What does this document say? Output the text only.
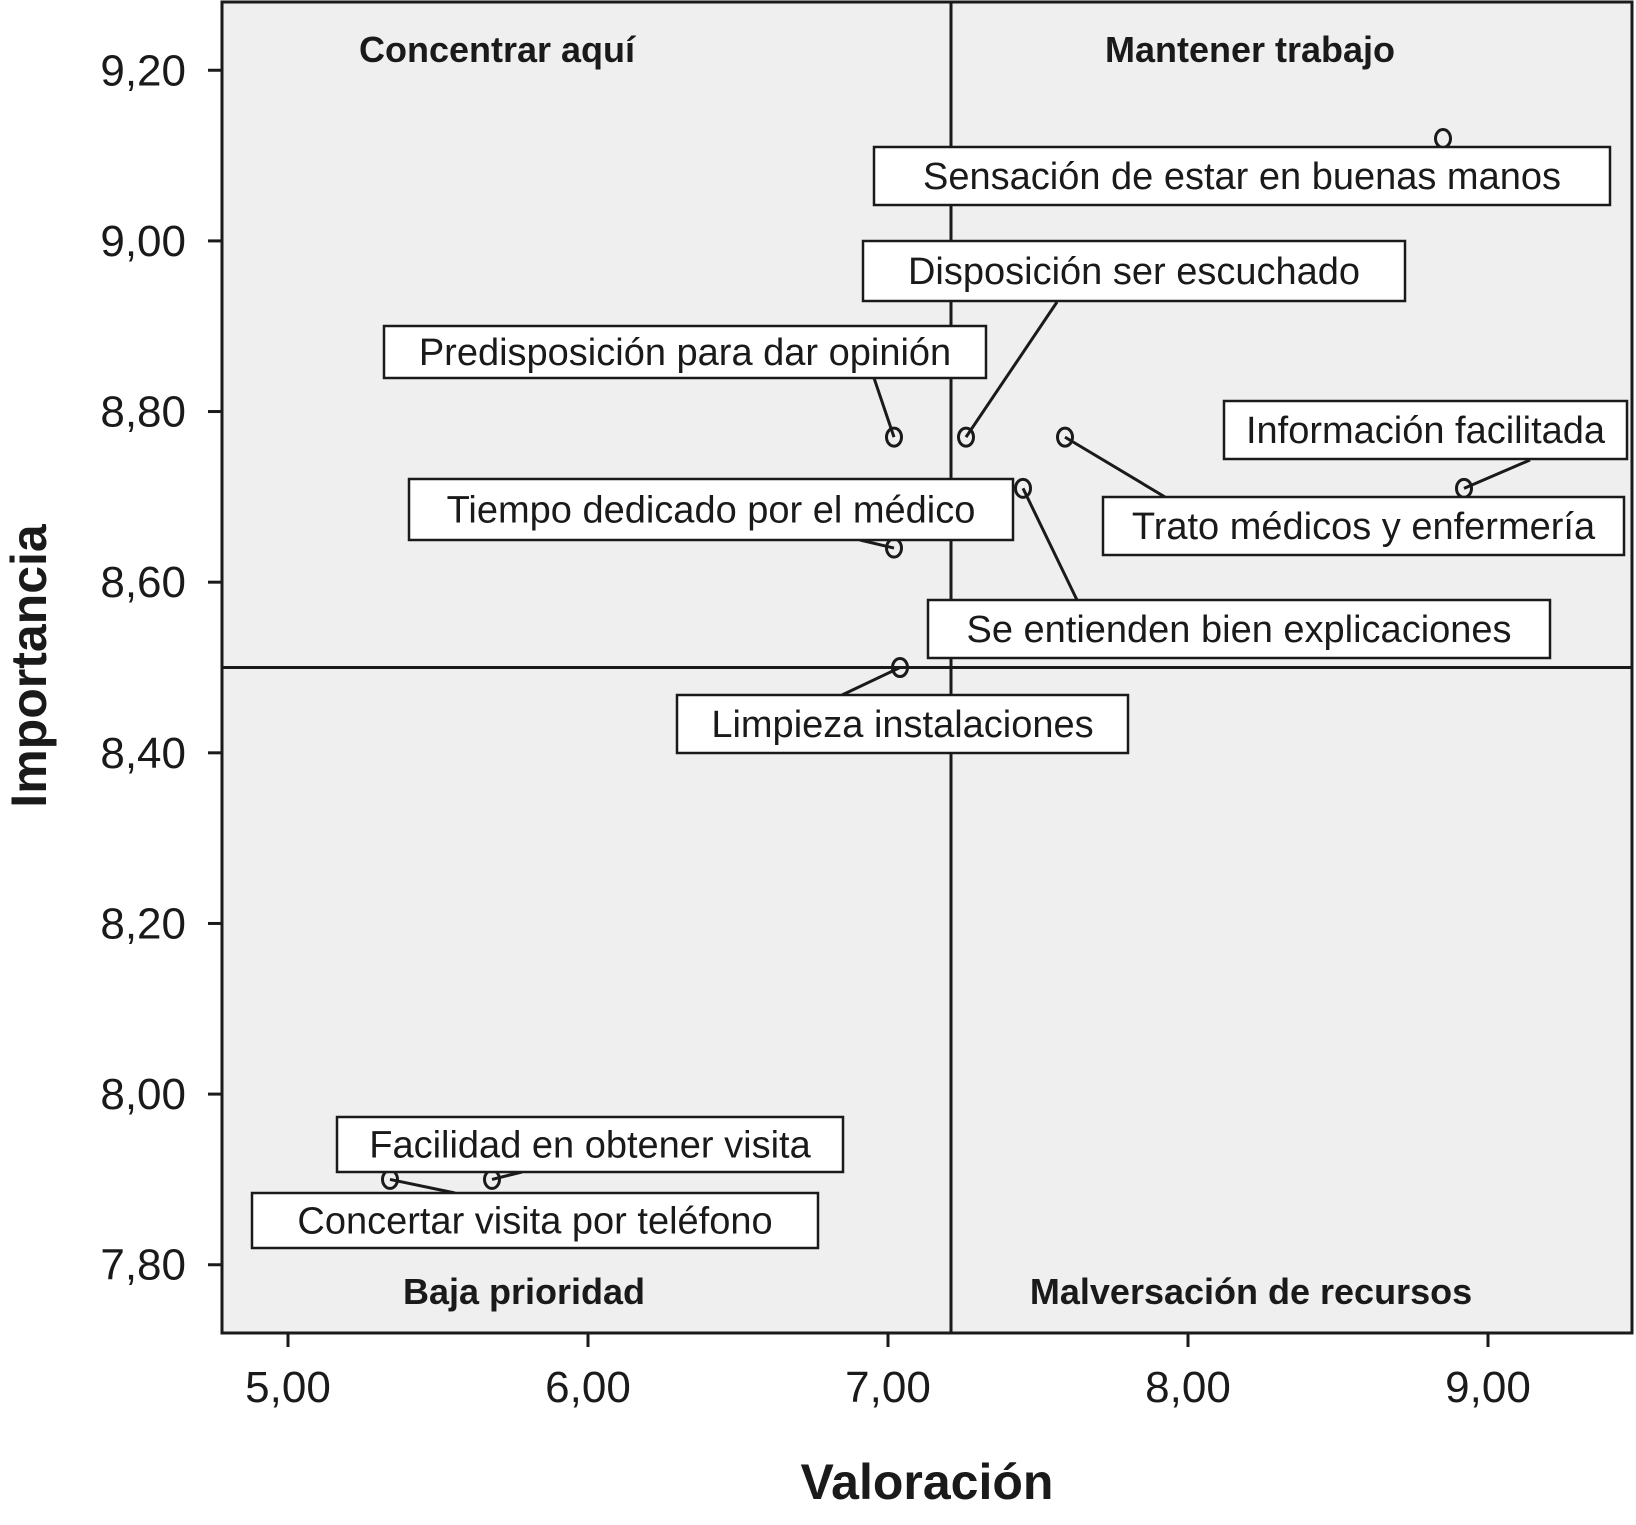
5,00	6,00	7,00	8,00	9,00
7,80
8,00
8,20
8,40
8,60
8,80
9,00
9,20
Valoración
Importancia
Concentrar aquí	Mantener trabajo
Baja prioridad	Malversación de recursos
Sensación de estar en buenas manos
Disposición ser escuchado
Predisposición para dar opinión
Información facilitada
Trato médicos y enfermería
Tiempo dedicado por el médico
Se entienden bien explicaciones
Limpieza instalaciones
Facilidad en obtener visita
Concertar visita por teléfono
